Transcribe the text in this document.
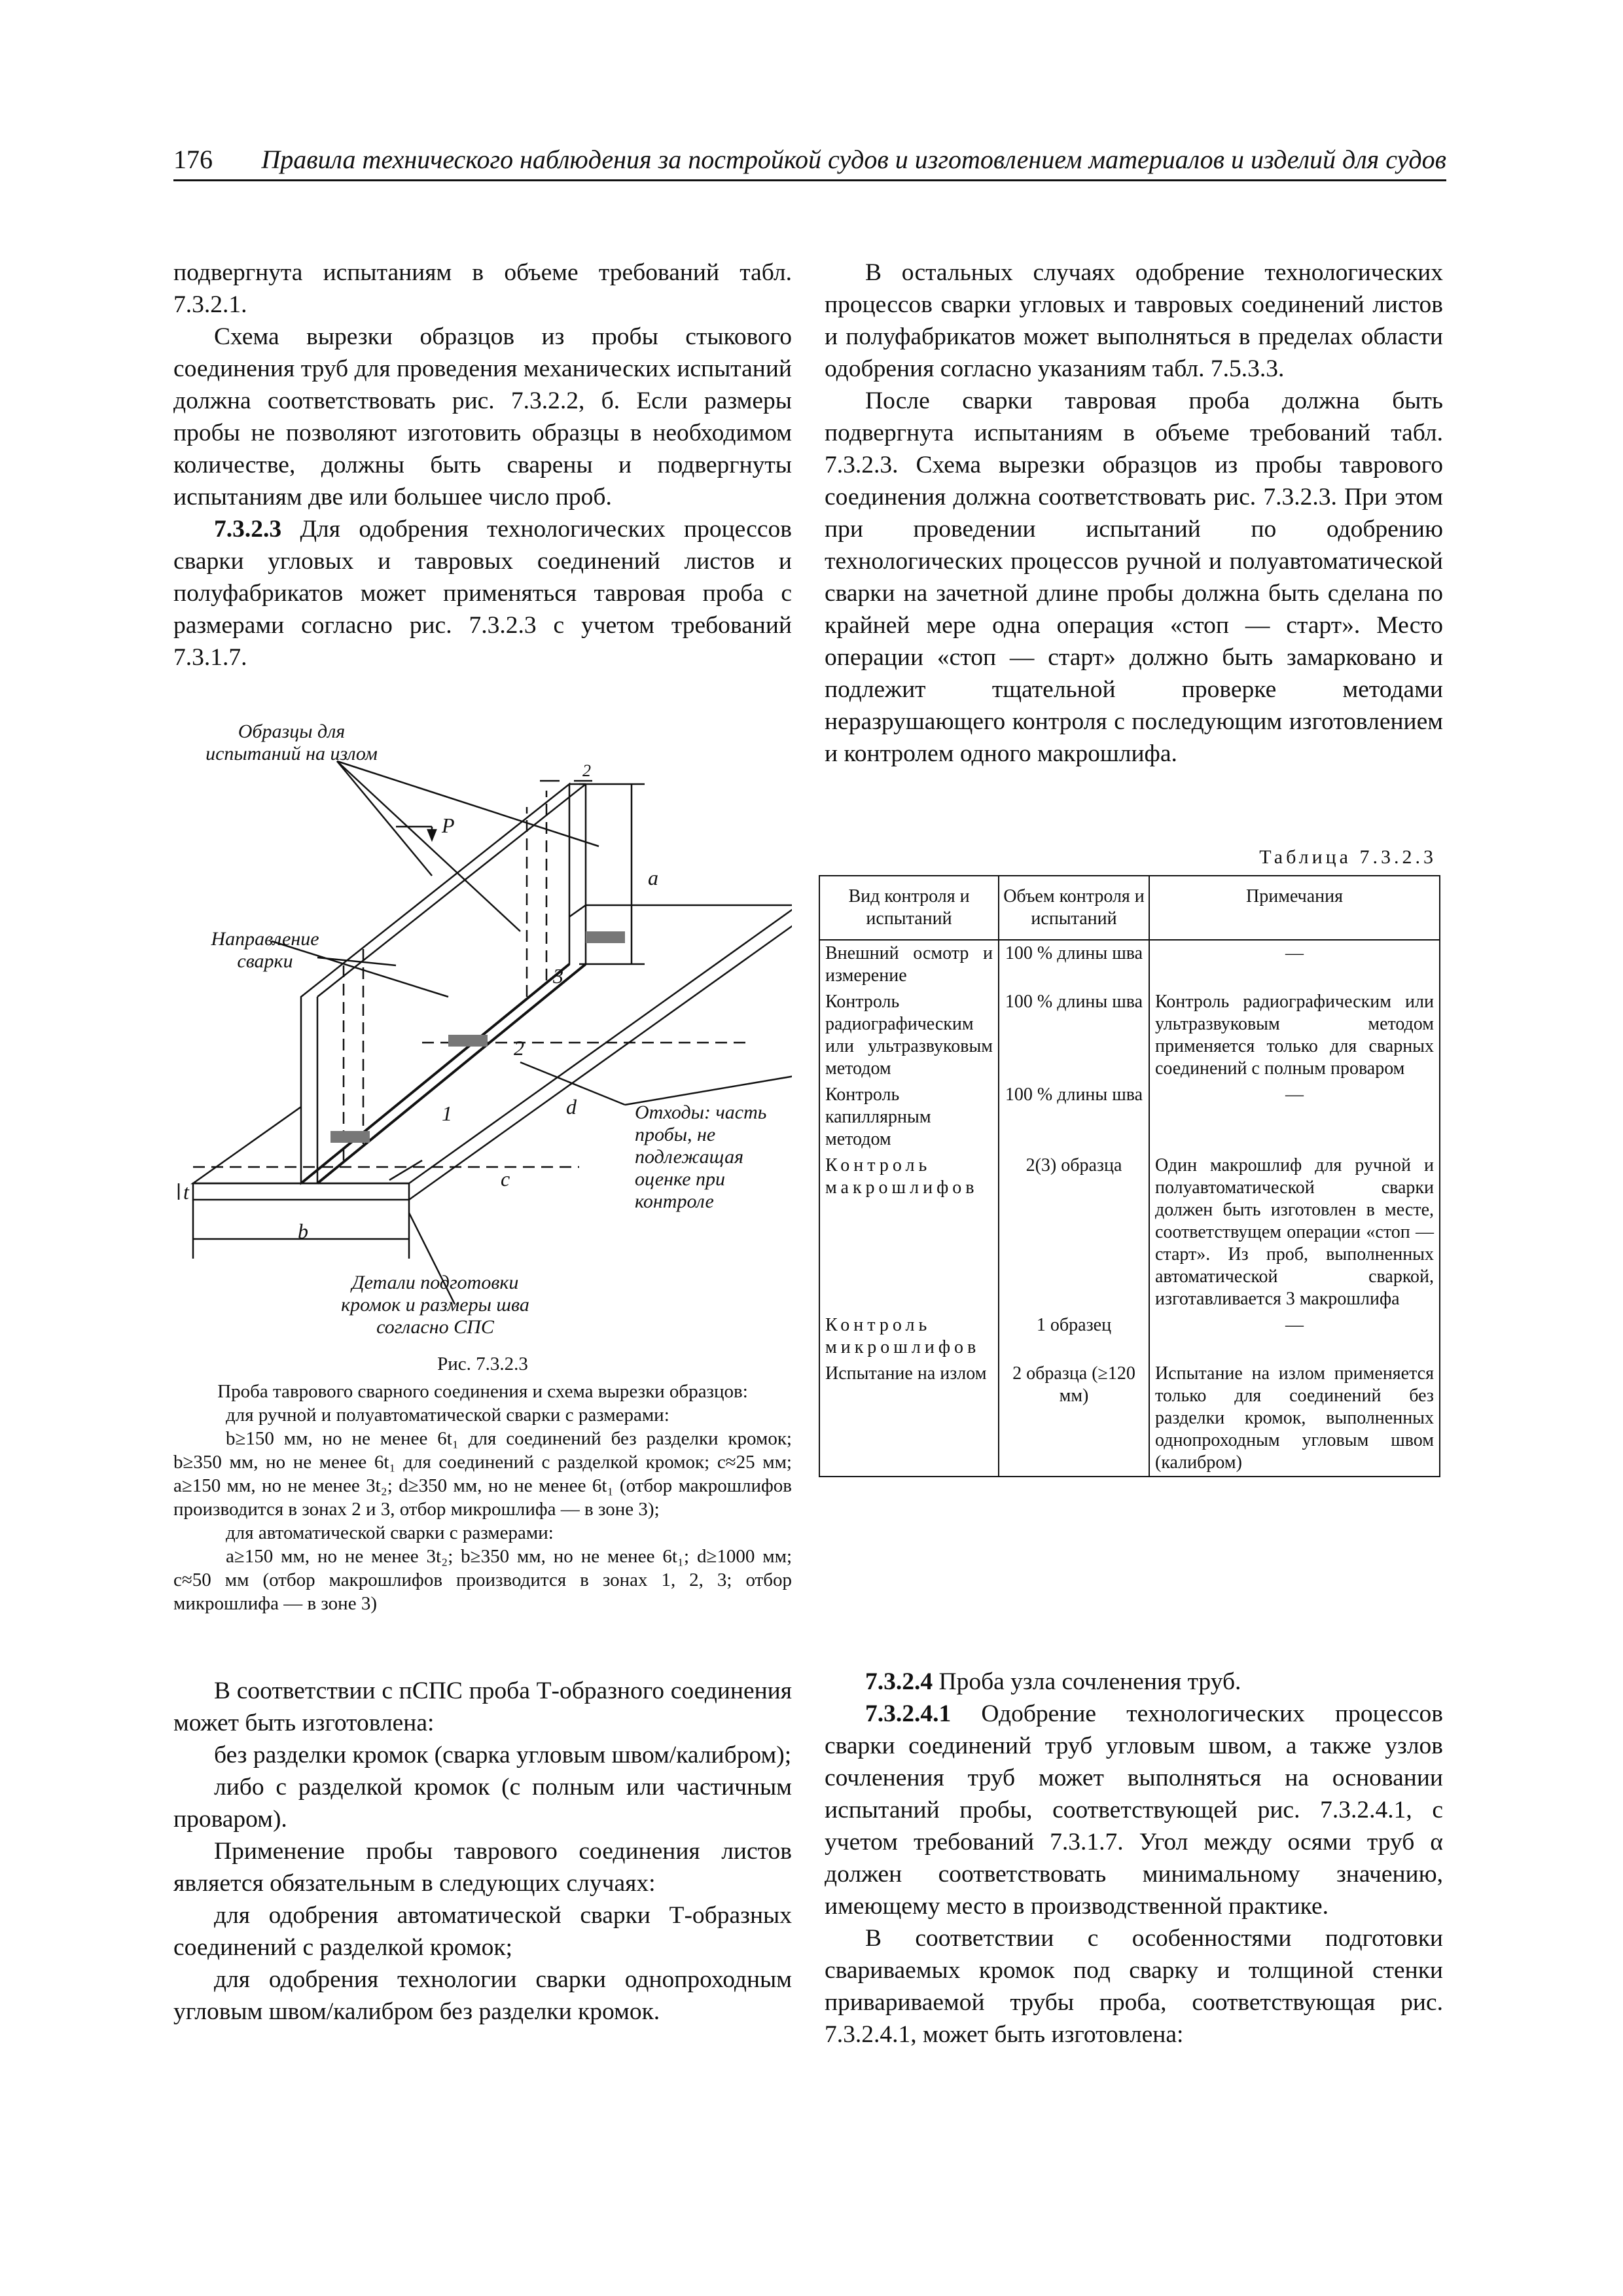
176 Правила технического наблюдения за постройкой судов и изготовлением материалов и изделий для судов

подвергнута испытаниям в объеме требований табл. 7.3.2.1.

Схема вырезки образцов из пробы стыкового соединения труб для проведения механических испытаний должна соответствовать рис. 7.3.2.2, б. Если размеры пробы не позволяют изготовить образцы в необходимом количестве, должны быть сварены и подвергнуты испытаниям две или большее число проб.

7.3.2.3 Для одобрения технологических процессов сварки угловых и тавровых соединений листов и полуфабрикатов может применяться тавровая проба с размерами согласно рис. 7.3.2.3 с учетом требований 7.3.1.7.

Образцы для испытаний на излом
Направление сварки
Отходы: часть пробы, не подлежащая оценке при контроле
Детали подготовки кромок и размеры шва согласно СПС
P
a
b
c
d
t
1
2
3
2

Рис. 7.3.2.3

Проба таврового сварного соединения и схема вырезки образцов:

для ручной и полуавтоматической сварки с размерами:

b≥150 мм, но не менее 6t₁ для соединений без разделки кромок; b≥350 мм, но не менее 6t₁ для соединений с разделкой кромок; c≈25 мм; a≥150 мм, но не менее 3t₂; d≥350 мм, но не менее 6t₁ (отбор макрошлифов производится в зонах 2 и 3, отбор микрошлифа — в зоне 3);

для автоматической сварки с размерами:

a≥150 мм, но не менее 3t₂; b≥350 мм, но не менее 6t₁; d≥1000 мм; c≈50 мм (отбор макрошлифов производится в зонах 1, 2, 3; отбор микрошлифа — в зоне 3)

В соответствии с пСПС проба Т-образного соединения может быть изготовлена:

без разделки кромок (сварка угловым швом/калибром);

либо с разделкой кромок (с полным или частичным проваром).

Применение пробы таврового соединения листов является обязательным в следующих случаях:

для одобрения автоматической сварки Т-образных соединений с разделкой кромок;

для одобрения технологии сварки однопроходным угловым швом/калибром без разделки кромок.

В остальных случаях одобрение технологических процессов сварки угловых и тавровых соединений листов и полуфабрикатов может выполняться в пределах области одобрения согласно указаниям табл. 7.5.3.3.

После сварки тавровая проба должна быть подвергнута испытаниям в объеме требований табл. 7.3.2.3. Схема вырезки образцов из пробы таврового соединения должна соответствовать рис. 7.3.2.3. При этом при проведении испытаний по одобрению технологических процессов ручной и полуавтоматической сварки на зачетной длине пробы должна быть сделана по крайней мере одна операция «стоп — старт». Место операции «стоп — старт» должно быть замарковано и подлежит тщательной проверке методами неразрушающего контроля с последующим изготовлением и контролем одного макрошлифа.

Таблица 7.3.2.3
Вид контроля и испытаний	Объем контроля и испытаний	Примечания
Внешний осмотр и измерение	100 % длины шва	—
Контроль радиографическим или ультразвуковым методом	100 % длины шва	Контроль радиографическим или ультразвуковым методом применяется только для сварных соединений с полным проваром
Контроль капиллярным методом	100 % длины шва	—
Контроль макрошлифов	2(3) образца	Один макрошлиф для ручной и полуавтоматической сварки должен быть изготовлен в месте, соответствущем операции «стоп — старт». Из проб, выполненных автоматической сваркой, изготавливается 3 макрошлифа
Контроль микрошлифов	1 образец	—
Испытание на излом	2 образца (≥120 мм)	Испытание на излом применяется только для соединений без разделки кромок, выполненных однопроходным угловым швом (калибром)

7.3.2.4 Проба узла сочленения труб.

7.3.2.4.1 Одобрение технологических процессов сварки соединений труб угловым швом, а также узлов сочленения труб может выполняться на основании испытаний пробы, соответствующей рис. 7.3.2.4.1, с учетом требований 7.3.1.7. Угол между осями труб α должен соответствовать минимальному значению, имеющему место в производственной практике.

В соответствии с особенностями подготовки свариваемых кромок под сварку и толщиной стенки привариваемой трубы проба, соответствующая рис. 7.3.2.4.1, может быть изготовлена:
